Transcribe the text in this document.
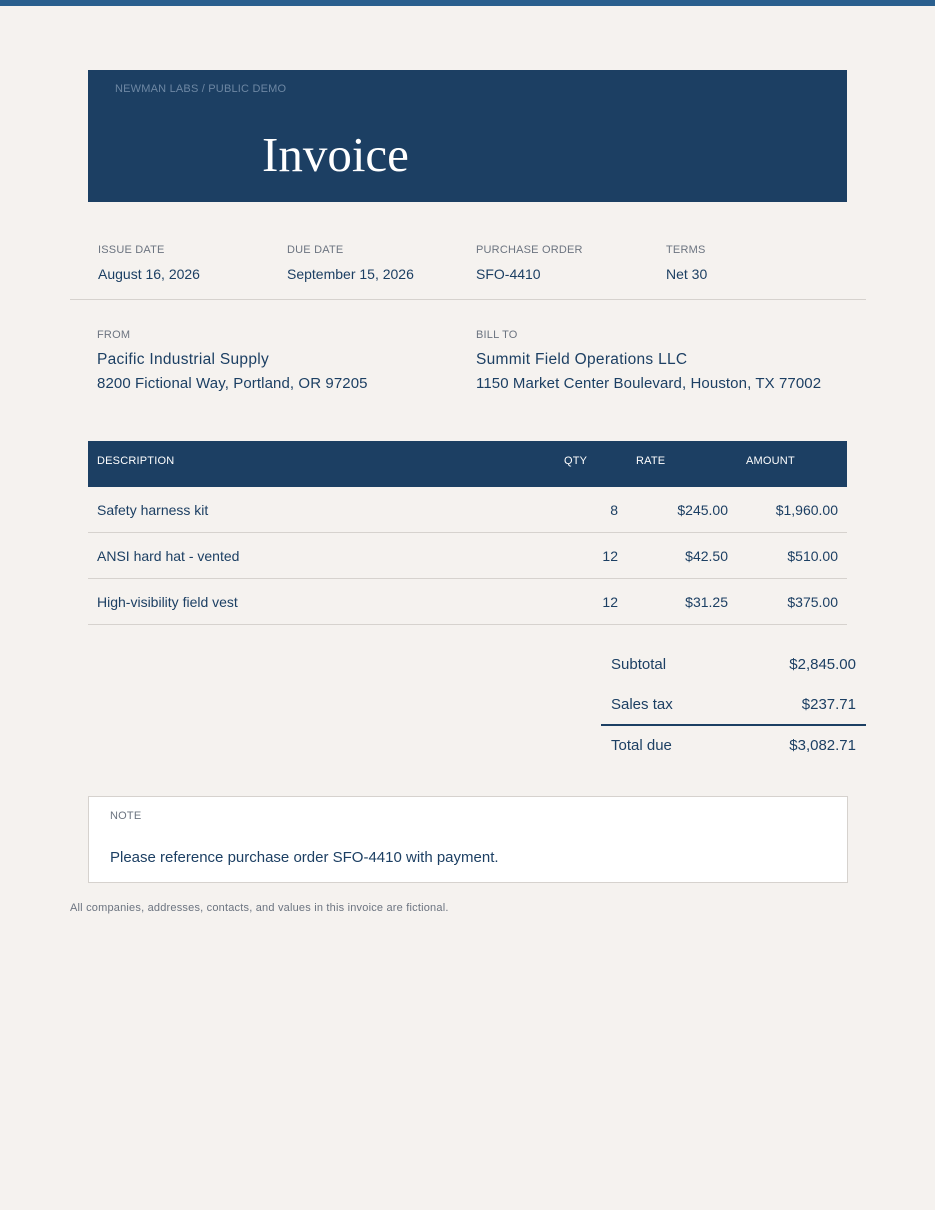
NEWMAN LABS / PUBLIC DEMO
Invoice
ISSUE DATE
August 16, 2026
DUE DATE
September 15, 2026
PURCHASE ORDER
SFO-4410
TERMS
Net 30
FROM
Pacific Industrial Supply
8200 Fictional Way, Portland, OR 97205
BILL TO
Summit Field Operations LLC
1150 Market Center Boulevard, Houston, TX 77002
DESCRIPTION	QTY	RATE	AMOUNT
Safety harness kit	8	$245.00	$1,960.00
ANSI hard hat - vented	12	$42.50	$510.00
High-visibility field vest	12	$31.25	$375.00
Subtotal	$2,845.00
Sales tax	$237.71
Total due	$3,082.71
NOTE
Please reference purchase order SFO-4410 with payment.
All companies, addresses, contacts, and values in this invoice are fictional.
